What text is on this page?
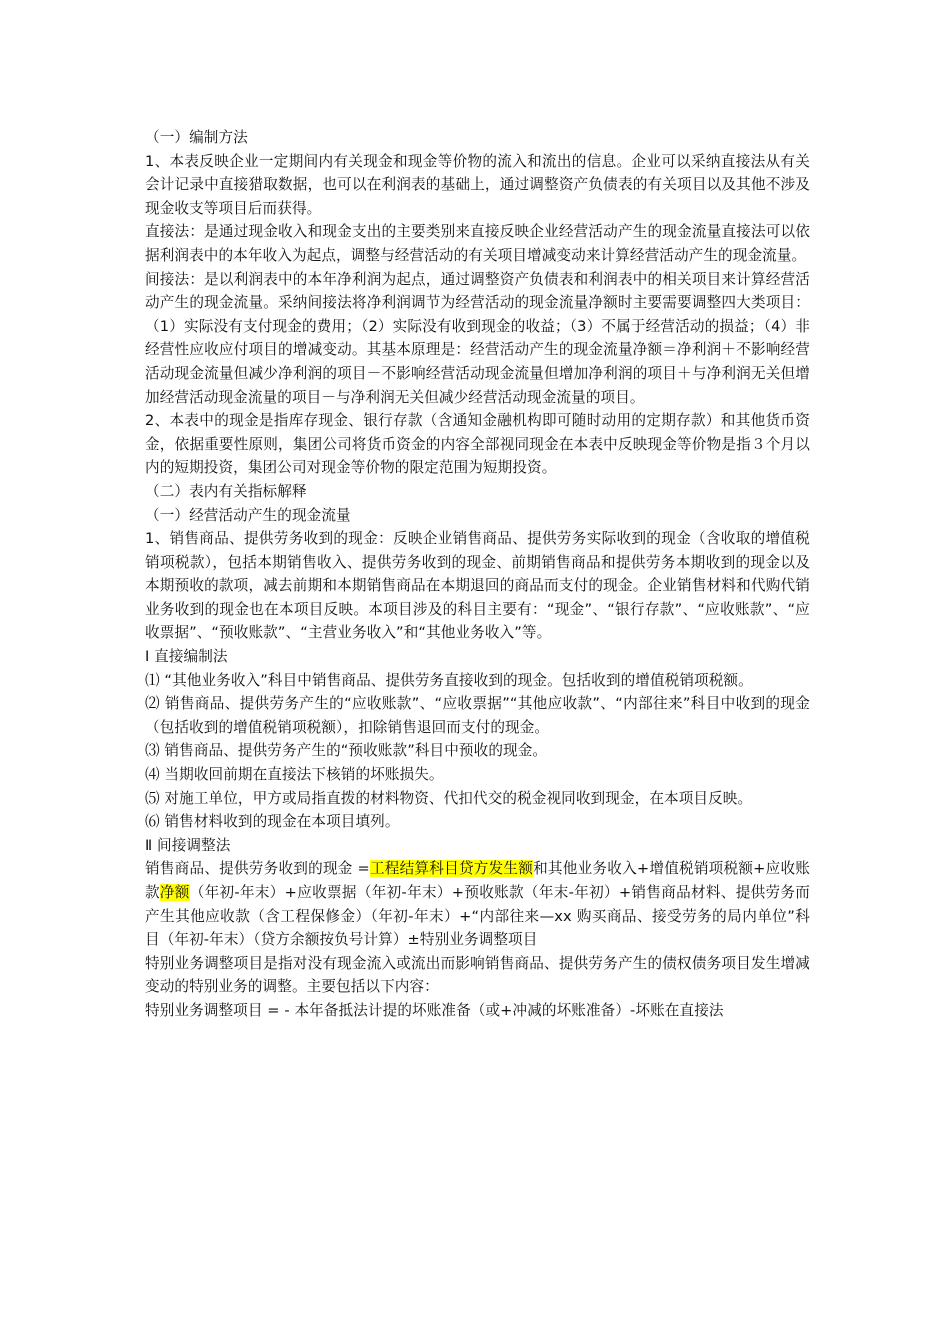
（一）编制方法

1、本表反映企业一定期间内有关现金和现金等价物的流入和流出的信息。企业可以采纳直接法从有关会计记录中直接猎取数据，也可以在利润表的基础上，通过调整资产负债表的有关项目以及其他不涉及现金收支等项目后而获得。

直接法：是通过现金收入和现金支出的主要类别来直接反映企业经营活动产生的现金流量直接法可以依据利润表中的本年收入为起点，调整与经营活动的有关项目增减变动来计算经营活动产生的现金流量。

间接法：是以利润表中的本年净利润为起点，通过调整资产负债表和利润表中的相关项目来计算经营活动产生的现金流量。采纳间接法将净利润调节为经营活动的现金流量净额时主要需要调整四大类项目：（1）实际没有支付现金的费用；（2）实际没有收到现金的收益；（3）不属于经营活动的损益；（4）非经营性应收应付项目的增减变动。其基本原理是：经营活动产生的现金流量净额＝净利润＋不影响经营活动现金流量但减少净利润的项目－不影响经营活动现金流量但增加净利润的项目＋与净利润无关但增加经营活动现金流量的项目－与净利润无关但减少经营活动现金流量的项目。

2、本表中的现金是指库存现金、银行存款（含通知金融机构即可随时动用的定期存款）和其他货币资金，依据重要性原则，集团公司将货币资金的内容全部视同现金在本表中反映现金等价物是指３个月以内的短期投资，集团公司对现金等价物的限定范围为短期投资。

（二）表内有关指标解释

（一）经营活动产生的现金流量

1、销售商品、提供劳务收到的现金：反映企业销售商品、提供劳务实际收到的现金（含收取的增值税销项税款），包括本期销售收入、提供劳务收到的现金、前期销售商品和提供劳务本期收到的现金以及本期预收的款项，减去前期和本期销售商品在本期退回的商品而支付的现金。企业销售材料和代购代销业务收到的现金也在本项目反映。本项目涉及的科目主要有：“现金”、“银行存款”、“应收账款”、“应收票据”、“预收账款”、“主营业务收入”和“其他业务收入”等。

Ⅰ 直接编制法

⑴ “其他业务收入”科目中销售商品、提供劳务直接收到的现金。包括收到的增值税销项税额。

⑵ 销售商品、提供劳务产生的“应收账款”、“应收票据”“其他应收款”、“内部往来”科目中收到的现金（包括收到的增值税销项税额），扣除销售退回而支付的现金。

⑶ 销售商品、提供劳务产生的“预收账款”科目中预收的现金。

⑷ 当期收回前期在直接法下核销的坏账损失。

⑸ 对施工单位，甲方或局指直拨的材料物资、代扣代交的税金视同收到现金，在本项目反映。

⑹ 销售材料收到的现金在本项目填列。

Ⅱ 间接调整法

销售商品、提供劳务收到的现金 =工程结算科目贷方发生额和其他业务收入+增值税销项税额+应收账款净额（年初-年末）+应收票据（年初-年末）+预收账款（年末-年初）+销售商品材料、提供劳务而产生其他应收款（含工程保修金）（年初-年末）+“内部往来—xx 购买商品、接受劳务的局内单位”科目（年初-年末）（贷方余额按负号计算）±特别业务调整项目

特别业务调整项目是指对没有现金流入或流出而影响销售商品、提供劳务产生的债权债务项目发生增减变动的特别业务的调整。主要包括以下内容：

特别业务调整项目 = - 本年备抵法计提的坏账准备（或+冲减的坏账准备）-坏账在直接法
